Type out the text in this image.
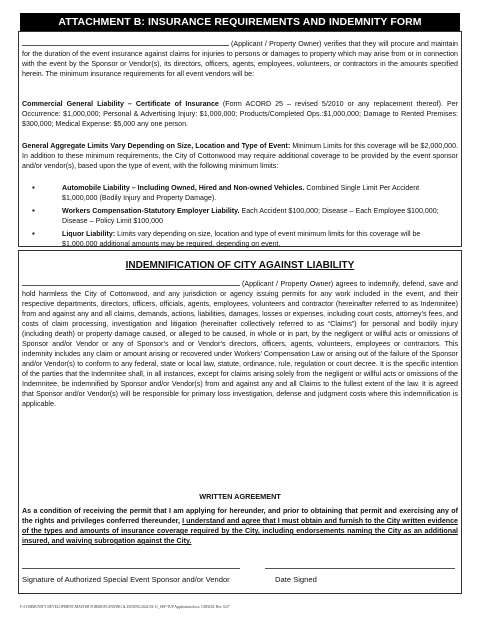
ATTACHMENT B: INSURANCE REQUIREMENTS AND INDEMNITY FORM

(Applicant / Property Owner) verifies that they will procure and maintain for the duration of the event insurance against claims for injuries to persons or damages to property which may arise from or in connection with the event by the Sponsor or Vendor(s), its directors, officers, agents, employees, volunteers, or contractors in the amounts specified herein. The minimum insurance requirements for all event vendors will be:

Commercial General Liability – Certificate of Insurance (Form ACORD 25 – revised 5/2010 or any replacement thereof). Per Occurrence: $1,000,000; Personal & Advertising Injury: $1,000,000; Products/Completed Ops.:$1,000,000; Damage to Rented Premises: $300,000; Medical Expense: $5,000 any one person.

General Aggregate Limits Vary Depending on Size, Location and Type of Event: Minimum Limits for this coverage will be $2,000,000. In addition to these minimum requirements, the City of Cottonwood may require additional coverage to be provided by the event sponsor and/or vendor(s), based upon the type of event, with the following minimum limits:

▪	Automobile Liability – Including Owned, Hired and Non-owned Vehicles. Combined Single Limit Per Accident $1,000,000 (Bodily Injury and Property Damage).
▪	Workers Compensation-Statutory Employer Liability. Each Accident $100,000; Disease – Each Employee $100,000; Disease – Policy Limit $100,000
▪	Liquor Liability: Limits vary depending on size, location and type of event minimum limits for this coverage will be $1,000,000 additional amounts may be required, depending on event.
INDEMNIFICATION OF CITY AGAINST LIABILITY

(Applicant / Property Owner) agrees to indemnify, defend, save and hold harmless the City of Cottonwood, and any jurisdiction or agency issuing permits for any work included in the event, and their respective departments, directors, officers, officials, agents, employees, volunteers and contractor (hereinafter referred to as Indemnitee) from and against any and all claims, demands, actions, liabilities, damages, losses or expenses, including court costs, attorney’s fees, and costs of claim processing, investigation and litigation (hereinafter collectively referred to as “Claims”) for personal and bodily injury (including death) or property damage caused, or alleged to be caused, in whole or in part, by the negligent or willful acts or omissions of Sponsor and/or Vendor or any of Sponsor’s and or Vendor’s directors, officers, agents, volunteers, employees or contractors. This indemnity includes any claim or amount arising or recovered under Workers’ Compensation Law or arising out of the failure of the Sponsor and/or Vendor(s) to conform to any federal, state or local law, statute, ordinance, rule, regulation or court decree. It is the specific intention of the parties that the Indemnitee shall, in all instances, except for claims arising solely from the negligent or willful acts or omissions of the Indemnitee, be indemnified by Sponsor and/or Vendor(s) from and against any and all Claims to the fullest extent of the law. It is agreed that Sponsor and/or Vendor(s) will be responsible for primary loss investigation, defense and judgment costs where this indemnification is applicable.

WRITTEN AGREEMENT

As a condition of receiving the permit that I am applying for hereunder, and prior to obtaining that permit and exercising any of the rights and privileges conferred thereunder, I understand and agree that I must obtain and furnish to the City written evidence of the types and amounts of insurance coverage required by the City, including endorsements naming the City as an additional insured, and waiving subrogation against the City.

Signature of Authorized Special Event Sponsor and/or Vendor	Date Signed
F:\COMMUNITY DEVELOPMENT\MASTER FORMS\PLANNING & ZONING\2022-02-11_SEP-TUP Application.docx, CDD218. Rev. 6/27
